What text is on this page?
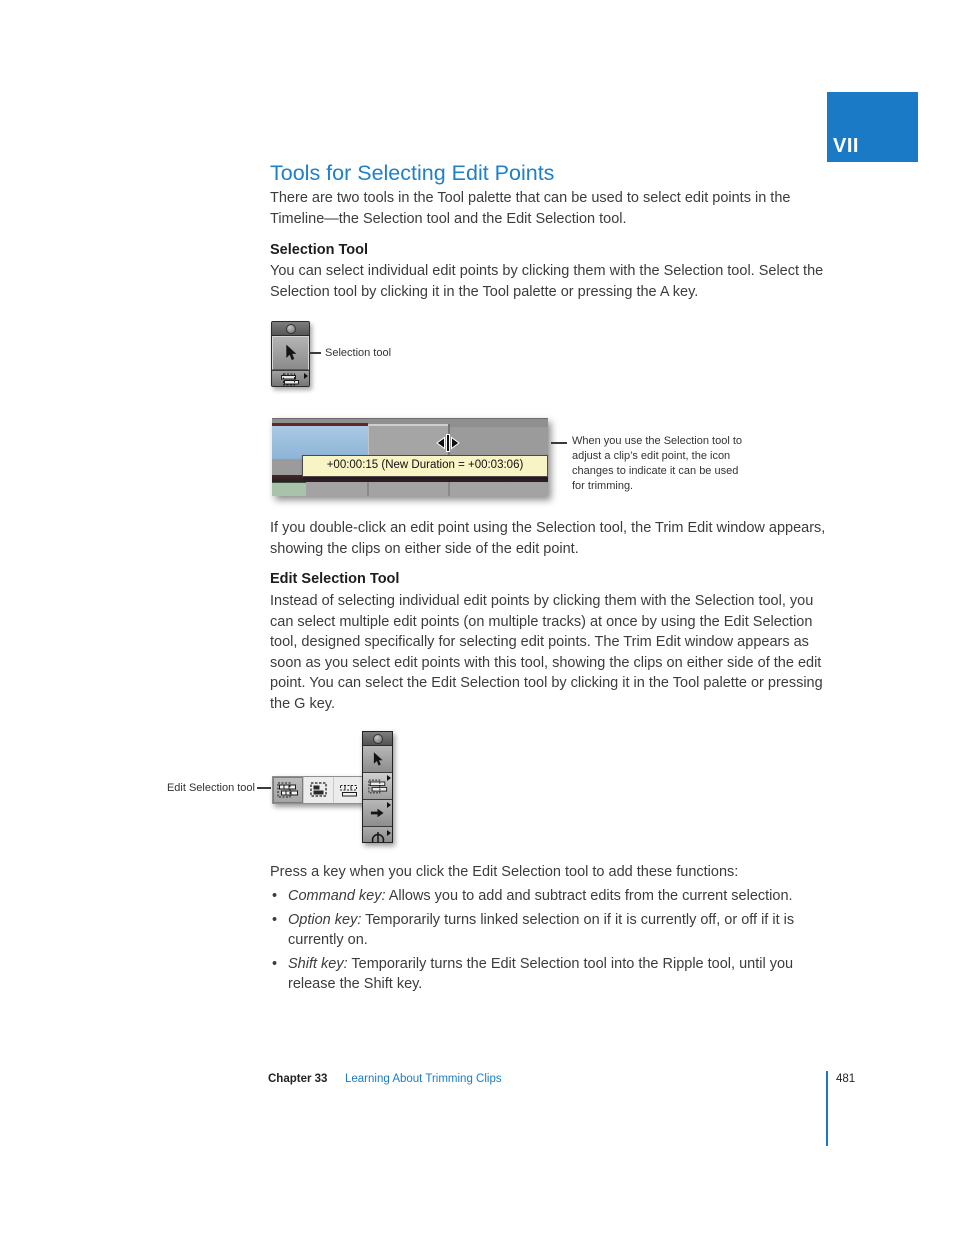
VII
Tools for Selecting Edit Points

There are two tools in the Tool palette that can be used to select edit points in the Timeline—the Selection tool and the Edit Selection tool.

Selection Tool

You can select individual edit points by clicking them with the Selection tool. Select the Selection tool by clicking it in the Tool palette or pressing the A key.

Selection tool
+00:00:15 (New Duration = +00:03:06)
When you use the Selection tool to adjust a clip’s edit point, the icon changes to indicate it can be used for trimming.

If you double-click an edit point using the Selection tool, the Trim Edit window appears, showing the clips on either side of the edit point.

Edit Selection Tool

Instead of selecting individual edit points by clicking them with the Selection tool, you can select multiple edit points (on multiple tracks) at once by using the Edit Selection tool, designed specifically for selecting edit points. The Trim Edit window appears as soon as you select edit points with this tool, showing the clips on either side of the edit point. You can select the Edit Selection tool by clicking it in the Tool palette or pressing the G key.

Edit Selection tool

Press a key when you click the Edit Selection tool to add these functions:

• Command key: Allows you to add and subtract edits from the current selection.
• Option key: Temporarily turns linked selection on if it is currently off, or off if it is currently on.
• Shift key: Temporarily turns the Edit Selection tool into the Ripple tool, until you release the Shift key.
Chapter 33 Learning About Trimming Clips	481
